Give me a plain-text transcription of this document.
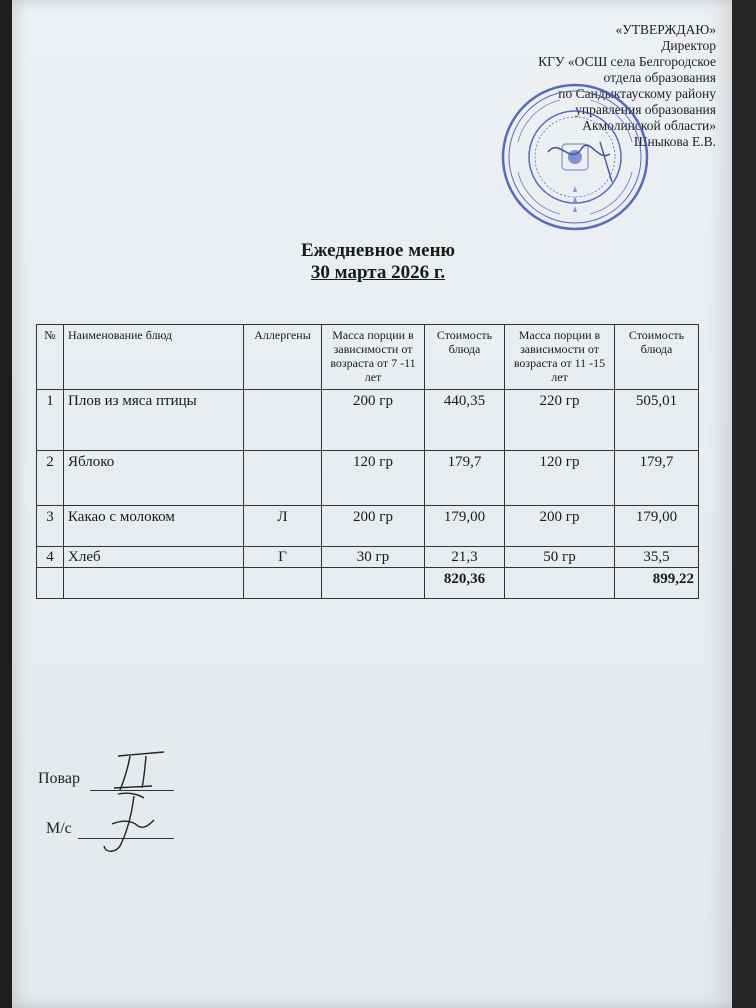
«УТВЕРЖДАЮ»
Директор
КГУ «ОСШ села Белгородское
отдела образования
по Сандыктаускому району
управления образования
Акмолинской области»
Шныкова Е.В.
Ежедневное меню
30 марта 2026 г.
№	Наименование блюд	Аллергены	Масса порции в зависимости от возраста от 7 -11 лет	Стоимость блюда	Масса порции в зависимости от возраста от 11 -15 лет	Стоимость блюда
1	Плов из мяса птицы		200 гр	440,35	220 гр	505,01
2	Яблоко		120 гр	179,7	120 гр	179,7
3	Какао с молоком	Л	200 гр	179,00	200 гр	179,00
4	Хлеб	Г	30 гр	21,3	50 гр	35,5
				820,36		899,22
Повар
М/с
